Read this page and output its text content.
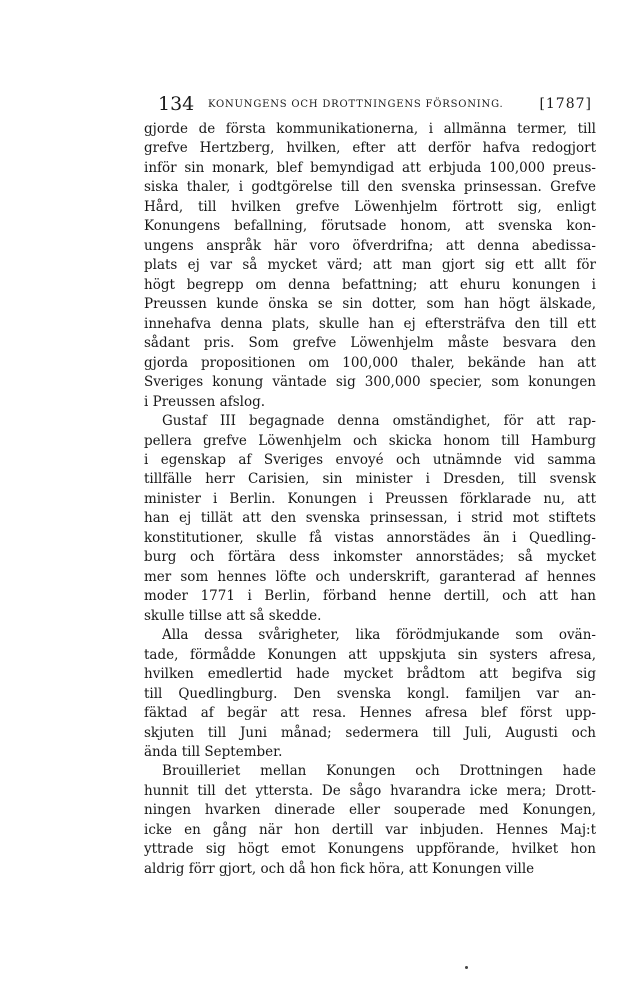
134 KONUNGENS OCH DROTTNINGENS FÖRSONING.	[1787]
gjorde de första kommunikationerna, i allmänna termer, till
grefve Hertzberg, hvilken, efter att derför hafva redogjort
inför sin monark, blef bemyndigad att erbjuda 100,000 preus-
siska thaler, i godtgörelse till den svenska prinsessan. Grefve
Hård, till hvilken grefve Löwenhjelm förtrott sig, enligt
Konungens befallning, förutsade honom, att svenska kon-
ungens anspråk här voro öfverdrifna; att denna abedissa-
plats ej var så mycket värd; att man gjort sig ett allt för
högt begrepp om denna befattning; att ehuru konungen i
Preussen kunde önska se sin dotter, som han högt älskade,
innehafva denna plats, skulle han ej eftersträfva den till ett
sådant pris. Som grefve Löwenhjelm måste besvara den
gjorda propositionen om 100,000 thaler, bekände han att
Sveriges konung väntade sig 300,000 specier, som konungen
i Preussen afslog.
Gustaf III begagnade denna omständighet, för att rap-
pellera grefve Löwenhjelm och skicka honom till Hamburg
i egenskap af Sveriges envoyé och utnämnde vid samma
tillfälle herr Carisien, sin minister i Dresden, till svensk
minister i Berlin. Konungen i Preussen förklarade nu, att
han ej tillät att den svenska prinsessan, i strid mot stiftets
konstitutioner, skulle få vistas annorstädes än i Quedling-
burg och förtära dess inkomster annorstädes; så mycket
mer som hennes löfte och underskrift, garanterad af hennes
moder 1771 i Berlin, förband henne dertill, och att han
skulle tillse att så skedde.
Alla dessa svårigheter, lika förödmjukande som ovän-
tade, förmådde Konungen att uppskjuta sin systers afresa,
hvilken emedlertid hade mycket brådtom att begifva sig
till Quedlingburg. Den svenska kongl. familjen var an-
fäktad af begär att resa. Hennes afresa blef först upp-
skjuten till Juni månad; sedermera till Juli, Augusti och
ända till September.
Brouilleriet mellan Konungen och Drottningen hade
hunnit till det yttersta. De sågo hvarandra icke mera; Drott-
ningen hvarken dinerade eller souperade med Konungen,
icke en gång när hon dertill var inbjuden. Hennes Maj:t
yttrade sig högt emot Konungens uppförande, hvilket hon
aldrig förr gjort, och då hon fick höra, att Konungen ville
